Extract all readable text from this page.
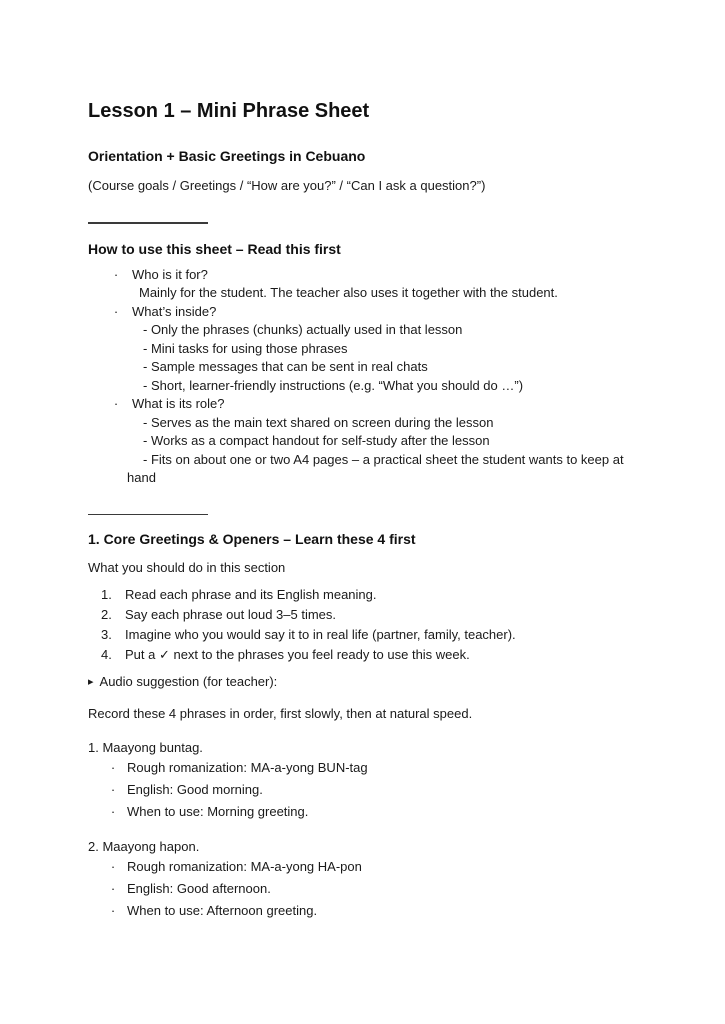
Lesson 1 – Mini Phrase Sheet
Orientation + Basic Greetings in Cebuano

(Course goals / Greetings / “How are you?” / “Can I ask a question?”)

How to use this sheet – Read this first
·	Who is it for?
Mainly for the student. The teacher also uses it together with the student.
·	What’s inside?
- Only the phrases (chunks) actually used in that lesson
- Mini tasks for using those phrases
- Sample messages that can be sent in real chats
- Short, learner-friendly instructions (e.g. “What you should do …”)
·	What is its role?
- Serves as the main text shared on screen during the lesson
- Works as a compact handout for self-study after the lesson
- Fits on about one or two A4 pages – a practical sheet the student wants to keep at hand
1. Core Greetings & Openers – Learn these 4 first

What you should do in this section

1. Read each phrase and its English meaning.
2. Say each phrase out loud 3–5 times.
3. Imagine who you would say it to in real life (partner, family, teacher).
4. Put a ✓ next to the phrases you feel ready to use this week.
▸ Audio suggestion (for teacher):

Record these 4 phrases in order, first slowly, then at natural speed.

1. Maayong buntag.

· Rough romanization: MA-a-yong BUN-tag
· English: Good morning.
· When to use: Morning greeting.

2. Maayong hapon.

· Rough romanization: MA-a-yong HA-pon
· English: Good afternoon.
· When to use: Afternoon greeting.
